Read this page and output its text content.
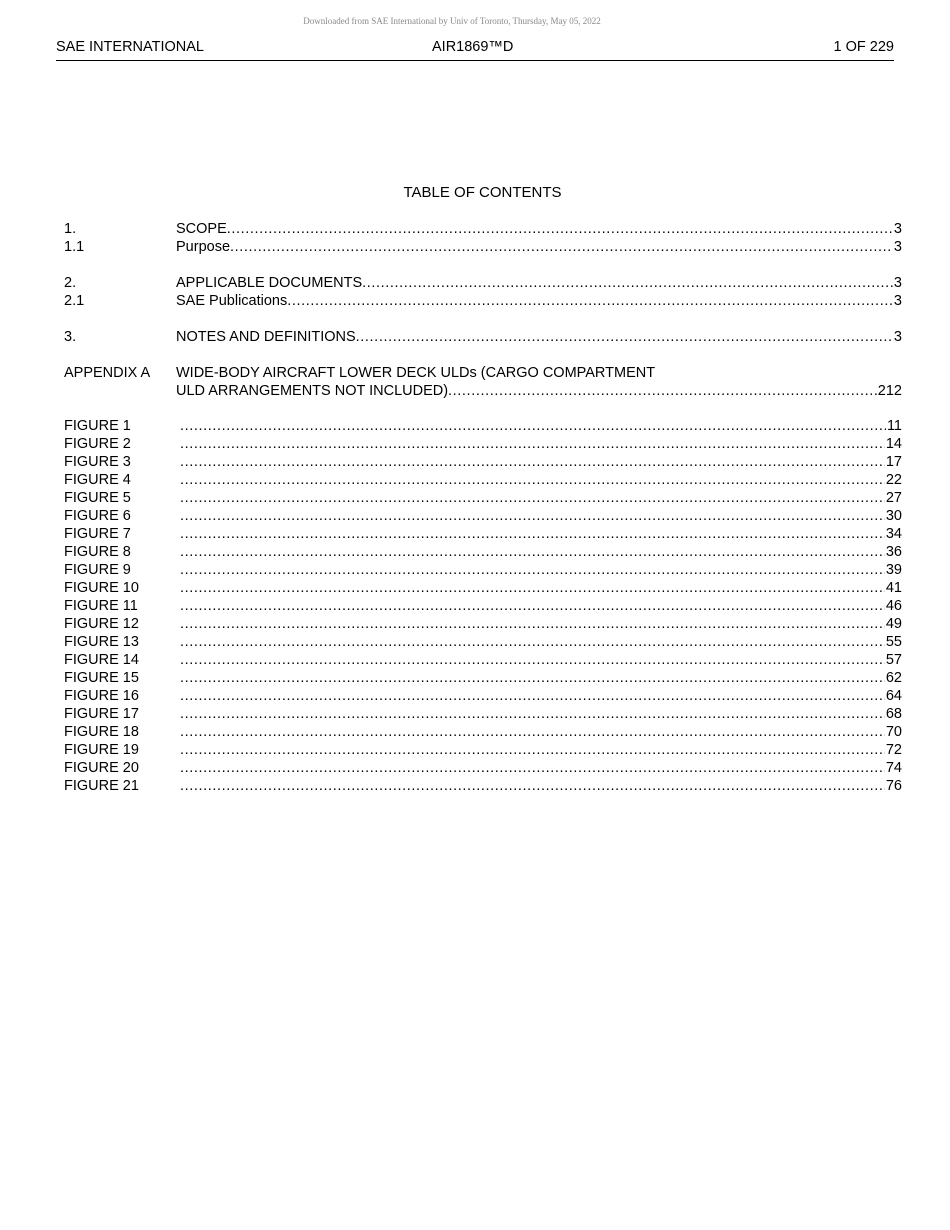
Downloaded from SAE International by Univ of Toronto, Thursday, May 05, 2022
SAE INTERNATIONAL	AIR1869™D	1 OF 229
TABLE OF CONTENTS
1.	SCOPE .....	3
1.1	Purpose .....	3
2.	APPLICABLE DOCUMENTS .....	3
2.1	SAE Publications .....	3
3.	NOTES AND DEFINITIONS .....	3
APPENDIX A WIDE-BODY AIRCRAFT LOWER DECK ULDs (CARGO COMPARTMENT
ULD ARRANGEMENTS NOT INCLUDED) .....	212
FIGURE 1 .....	11
FIGURE 2 .....	14
FIGURE 3 .....	17
FIGURE 4 .....	22
FIGURE 5 .....	27
FIGURE 6 .....	30
FIGURE 7 .....	34
FIGURE 8 .....	36
FIGURE 9 .....	39
FIGURE 10 .....	41
FIGURE 11 .....	46
FIGURE 12 .....	49
FIGURE 13 .....	55
FIGURE 14 .....	57
FIGURE 15 .....	62
FIGURE 16 .....	64
FIGURE 17 .....	68
FIGURE 18 .....	70
FIGURE 19 .....	72
FIGURE 20 .....	74
FIGURE 21 .....	76
